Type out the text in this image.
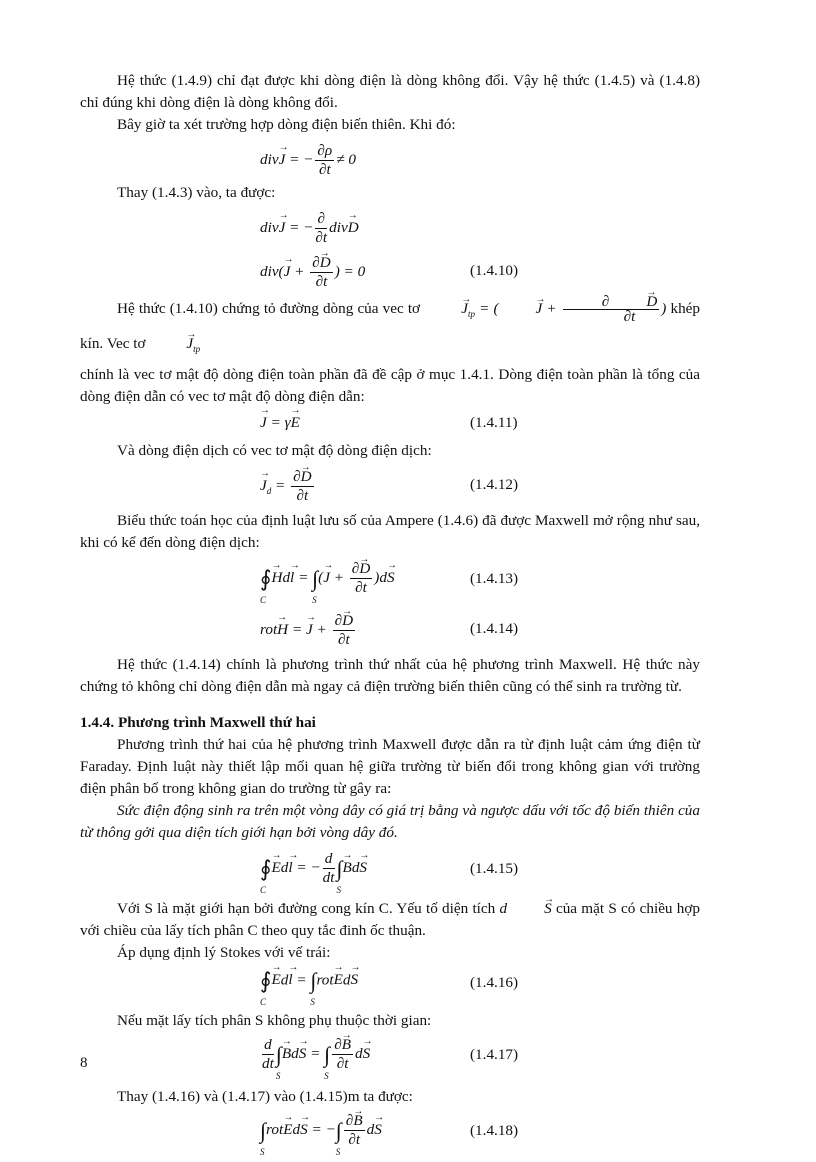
Hệ thức (1.4.9) chỉ đạt được khi dòng điện là dòng không đổi. Vậy hệ thức (1.4.5) và (1.4.8) chỉ đúng khi dòng điện là dòng không đổi.

Bây giờ ta xét trường hợp dòng điện biến thiên. Khi đó:

div→ J = − $\frac{\partial\rho}{\partial t} \ne 0$

Thay (1.4.3) vào, ta được:

div→ J = − $\frac{\partial}{\partial t} div\to D$
$div(\to J + \frac{\partial\to D}{\partial t}$ ) = 0	(1.4.10)

Hệ thức (1.4.10) chứng tỏ đường dòng của vec tơ	→ $J_{tp}$ = ( → $J + \frac{\partial \to D}{\partial t}$ ) khép kín. Vec tơ	→ $J_{tp}$

chính là vec tơ mật độ dòng điện toàn phần đã đề cập ở mục 1.4.1. Dòng điện toàn phần là tổng của dòng điện dẫn có vec tơ mật độ dòng điện dẫn:

→ J = γ→ E	(1.4.11)

Và dòng điện dịch có vec tơ mật độ dòng điện dịch:

→ $J_d = \frac{\partial\to D}{\partial t}$	(1.4.12)

Biểu thức toán học của định luật lưu số của Ampere (1.4.6) đã được Maxwell mở rộng như sau, khi có kể đến dòng điện dịch:

∮
C
→ Hd→ l = ∫
S
(→ $J + \frac{\partial\to D}{\partial t} )d\to S$	(1.4.13)
rot→ H = → $J + \frac{\partial\to D}{\partial t}$	(1.4.14)

Hệ thức (1.4.14) chính là phương trình thứ nhất của hệ phương trình Maxwell. Hệ thức này chứng tỏ không chỉ dòng điện dẫn mà ngay cả điện trường biến thiên cũng có thể sinh ra trường từ.

1.4.4. Phương trình Maxwell thứ hai

Phương trình thứ hai của hệ phương trình Maxwell được dẫn ra từ định luật cảm ứng điện từ Faraday. Định luật này thiết lập mối quan hệ giữa trường từ biến đổi trong không gian với trường điện phân bố trong không gian do trường từ gây ra:

Sức điện động sinh ra trên một vòng dây có giá trị bằng và ngược dấu với tốc độ biến thiên của từ thông gởi qua diện tích giới hạn bởi vòng dây đó.

∮
C
→ Ed→ l = − $\frac{d}{dt}$ ∫
S
→ Bd→ S	(1.4.15)

Với S là mặt giới hạn bởi đường cong kín C. Yếu tố diện tích d → S của mặt S có chiều hợp với chiều của lấy tích phân C theo quy tắc đinh ốc thuận.

Áp dụng định lý Stokes với vế trái:

∮
C
→ Ed→ l = ∫
S
rot→ Ed→ S	(1.4.16)

Nếu mặt lấy tích phân S không phụ thuộc thời gian:

$\frac{d}{dt}$ ∫
S
→ Bd→ S = ∫
S
$\frac{\partial\to B}{\partial t} d\to S$	(1.4.17)

Thay (1.4.16) và (1.4.17) vào (1.4.15)m ta được:

∫
S
rot→ Ed→ S = −∫
S
$\frac{\partial\to B}{\partial t} d\to S$	(1.4.18)
8
